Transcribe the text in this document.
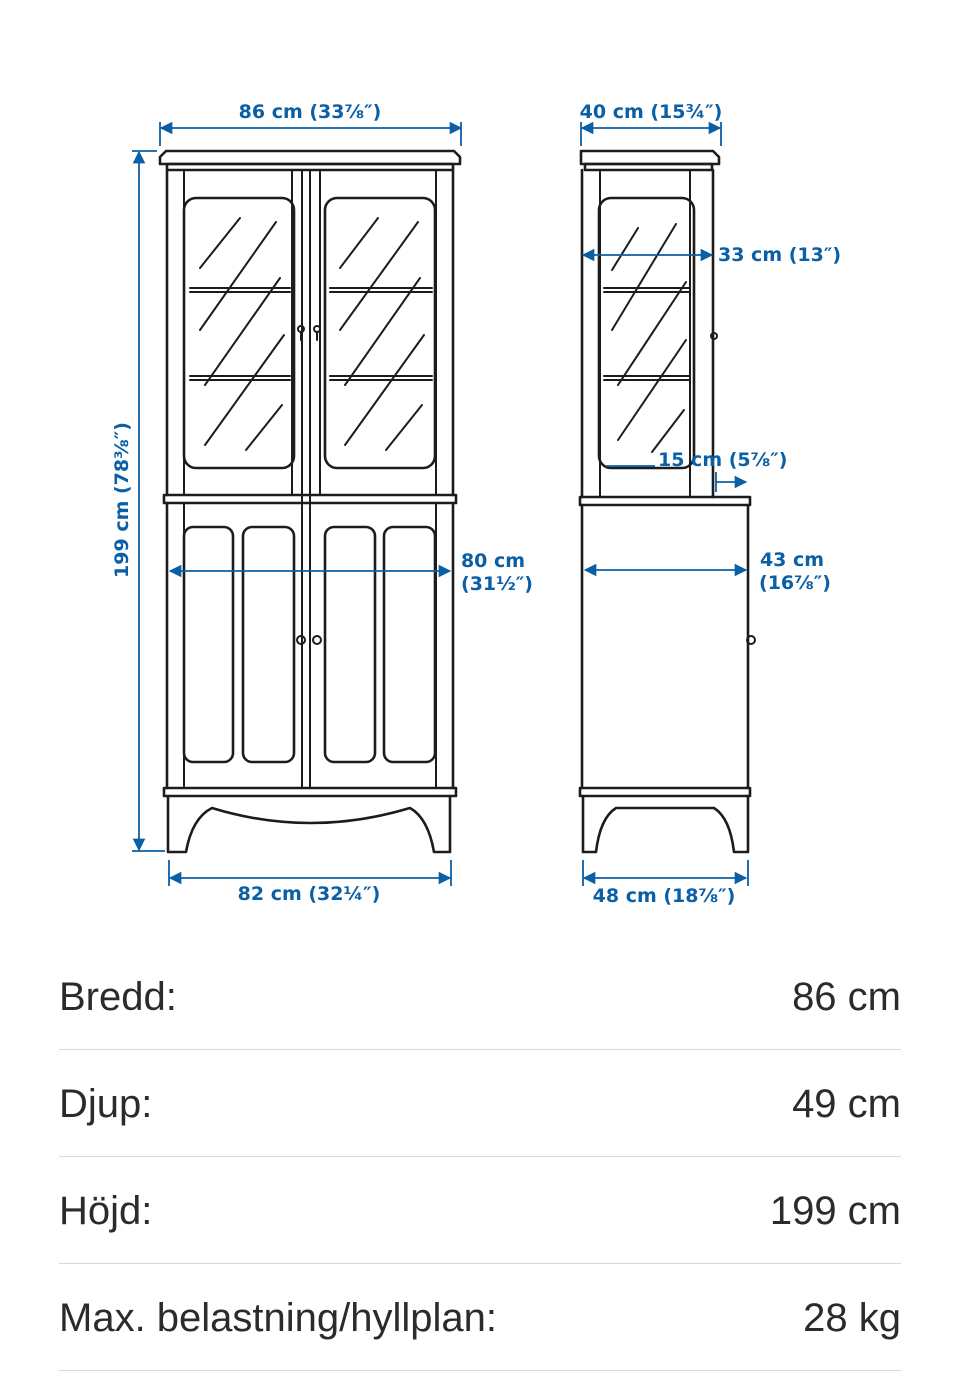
86 cm (33⅞″)
199 cm (78⅜″)	80 cm
(31½″)
82 cm (32¼″)
40 cm (15¾″)
33 cm (13″)
15 cm (5⅞″)
43 cm
(16⅞″)
48 cm (18⅞″)
Bredd:	86 cm
Djup:	49 cm
Höjd:	199 cm
Max. belastning/hyllplan:	28 kg
